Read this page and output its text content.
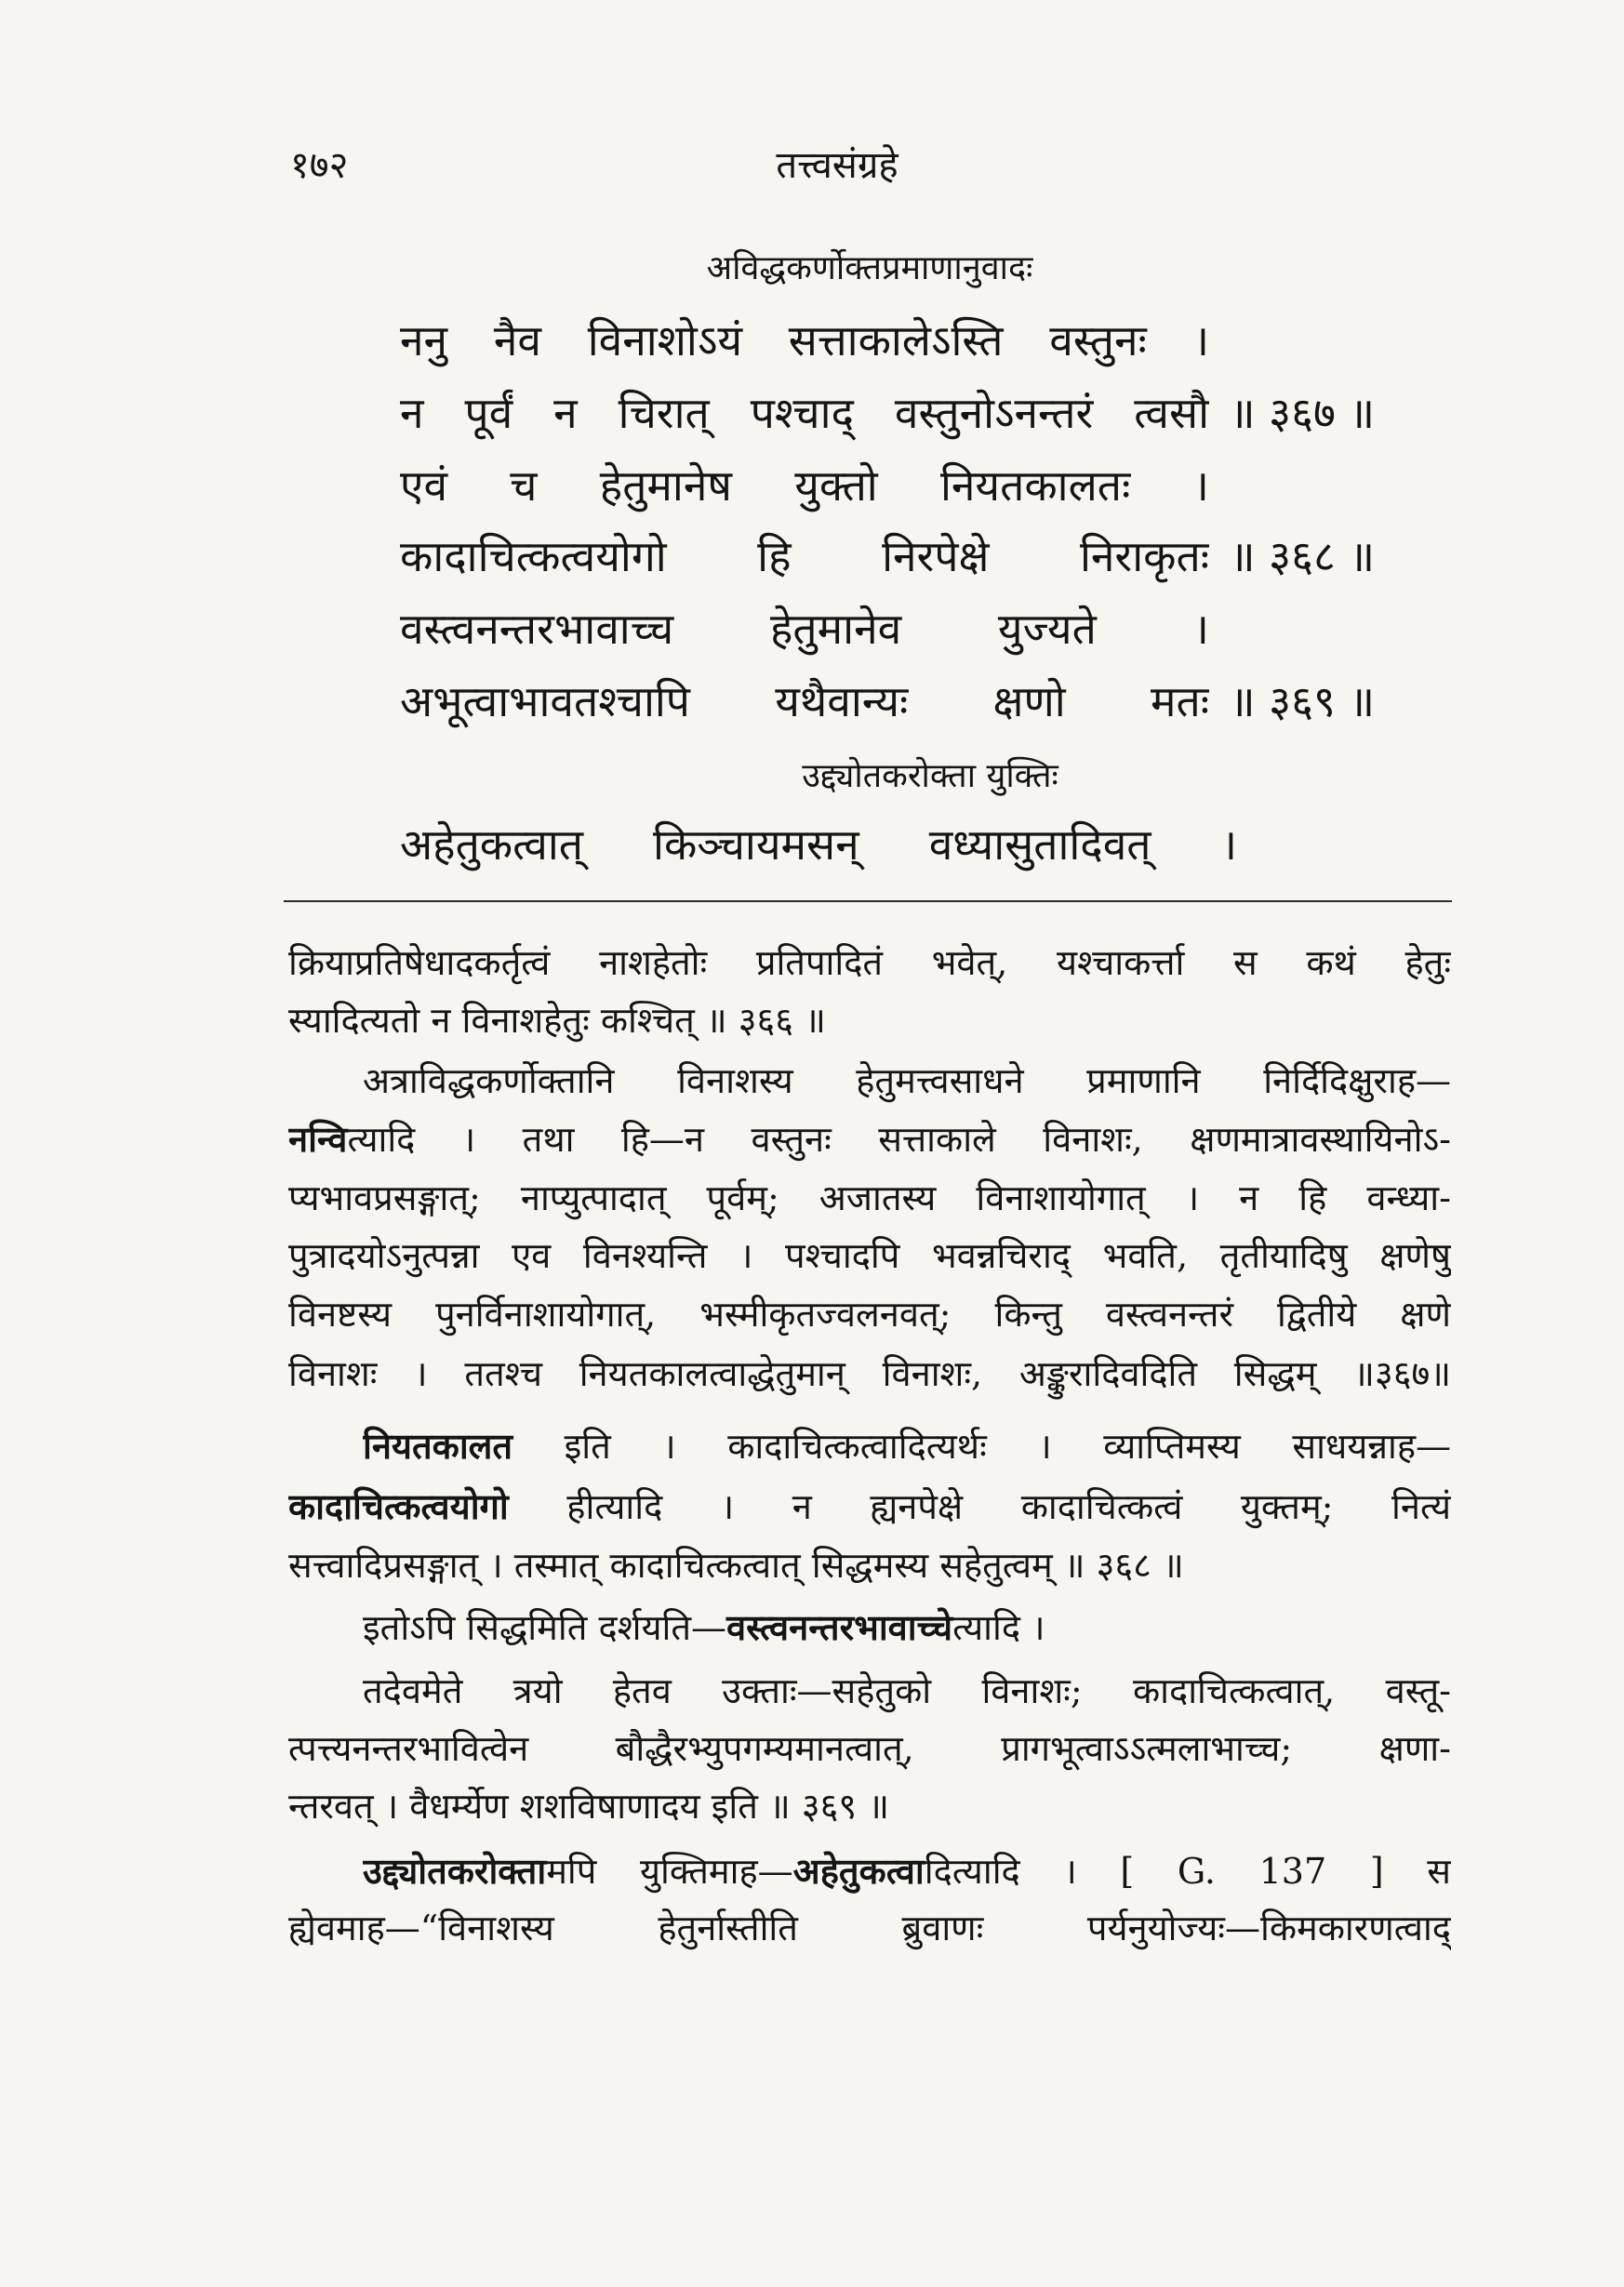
१७२	तत्त्वसंग्रहे
अविद्धकर्णोक्तप्रमाणानुवादः
ननु नैव विनाशोऽयं सत्ताकालेऽस्ति वस्तुनः ।
न पूर्वं न चिरात् पश्चाद् वस्तुनोऽनन्तरं त्वसौ ॥ ३६७ ॥
एवं च हेतुमानेष युक्तो नियतकालतः ।
कादाचित्कत्वयोगो हि निरपेक्षे निराकृतः ॥ ३६८ ॥
वस्त्वनन्तरभावाच्च हेतुमानेव युज्यते ।
अभूत्वाभावतश्चापि यथैवान्यः क्षणो मतः ॥ ३६९ ॥
उद्द्योतकरोक्ता युक्तिः
अहेतुकत्वात् किञ्चायमसन् वध्यासुतादिवत् ।
क्रियाप्रतिषेधादकर्तृत्वं नाशहेतोः प्रतिपादितं भवेत्, यश्चाकर्त्ता स कथं हेतुः
स्यादित्यतो न विनाशहेतुः कश्चित् ॥ ३६६ ॥
अत्राविद्धकर्णोक्तानि विनाशस्य हेतुमत्त्वसाधने प्रमाणानि निर्दिदिक्षुराह—
नन्वित्यादि । तथा हि—न वस्तुनः सत्ताकाले विनाशः, क्षणमात्रावस्थायिनोऽ-
प्यभावप्रसङ्गात्; नाप्युत्पादात् पूर्वम्; अजातस्य विनाशायोगात् । न हि वन्ध्या-
पुत्रादयोऽनुत्पन्ना एव विनश्यन्ति । पश्चादपि भवन्नचिराद् भवति, तृतीयादिषु क्षणेषु
विनष्टस्य पुनर्विनाशायोगात्, भस्मीकृतज्वलनवत्; किन्तु वस्त्वनन्तरं द्वितीये क्षणे
विनाशः । ततश्च नियतकालत्वाद्धेतुमान् विनाशः, अङ्कुरादिवदिति सिद्धम् ॥३६७॥
नियतकालत इति । कादाचित्कत्वादित्यर्थः । व्याप्तिमस्य साधयन्नाह—
कादाचित्कत्वयोगो हीत्यादि । न ह्यनपेक्षे कादाचित्कत्वं युक्तम्; नित्यं
सत्त्वादिप्रसङ्गात् । तस्मात् कादाचित्कत्वात् सिद्धमस्य सहेतुत्वम् ॥ ३६८ ॥
इतोऽपि सिद्धमिति दर्शयति—वस्त्वनन्तरभावाच्चेत्यादि ।
तदेवमेते त्रयो हेतव उक्ताः—सहेतुको विनाशः; कादाचित्कत्वात्, वस्तू-
त्पत्त्यनन्तरभावित्वेन बौद्धैरभ्युपगम्यमानत्वात्, प्रागभूत्वाऽऽत्मलाभाच्च; क्षणा-
न्तरवत् । वैधर्म्येण शशविषाणादय इति ॥ ३६९ ॥
उद्द्योतकरोक्तामपि युक्तिमाह—अहेतुकत्वादित्यादि । [ G. 137 ] स
ह्येवमाह—“विनाशस्य हेतुर्नास्तीति ब्रुवाणः पर्यनुयोज्यः—किमकारणत्वाद्
